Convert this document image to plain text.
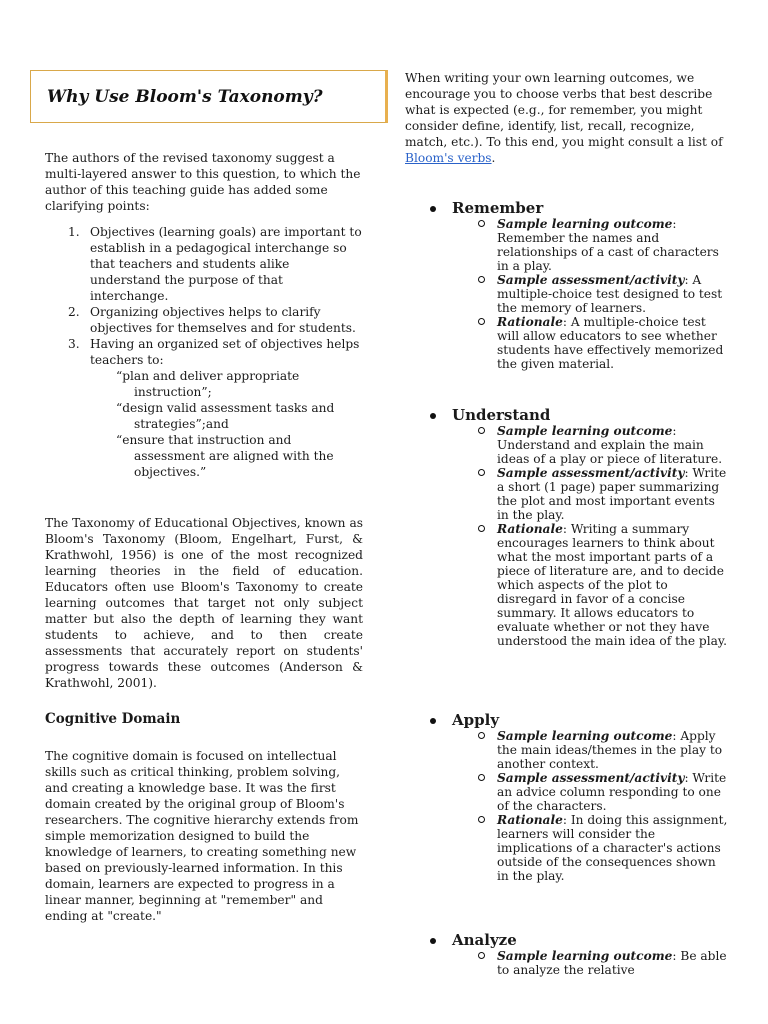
Why Use Bloom's Taxonomy?

The authors of the revised taxonomy suggest a multi-layered answer to this question, to which the author of this teaching guide has added some clarifying points:

1. Objectives (learning goals) are important to establish in a pedagogical interchange so that teachers and students alike understand the purpose of that interchange.
2. Organizing objectives helps to clarify objectives for themselves and for students.
3. Having an organized set of objectives helps teachers to:
“plan and deliver appropriate instruction”;
“design valid assessment tasks and strategies”;and
“ensure that instruction and assessment are aligned with the objectives.”

The Taxonomy of Educational Objectives, known as Bloom's Taxonomy (Bloom, Engelhart, Furst, & Krathwohl, 1956) is one of the most recognized learning theories in the field of education. Educators often use Bloom's Taxonomy to create learning outcomes that target not only subject matter but also the depth of learning they want students to achieve, and to then create assessments that accurately report on students' progress towards these outcomes (Anderson & Krathwohl, 2001).

Cognitive Domain

The cognitive domain is focused on intellectual skills such as critical thinking, problem solving, and creating a knowledge base. It was the first domain created by the original group of Bloom's researchers. The cognitive hierarchy extends from simple memorization designed to build the knowledge of learners, to creating something new based on previously-learned information. In this domain, learners are expected to progress in a linear manner, beginning at "remember" and ending at "create."

When writing your own learning outcomes, we encourage you to choose verbs that best describe what is expected (e.g., for remember, you might consider define, identify, list, recall, recognize, match, etc.). To this end, you might consult a list of Bloom's verbs.

Remember
Sample learning outcome: Remember the names and relationships of a cast of characters in a play.
Sample assessment/activity: A multiple-choice test designed to test the memory of learners.
Rationale: A multiple-choice test will allow educators to see whether students have effectively memorized the given material.
Understand
Sample learning outcome: Understand and explain the main ideas of a play or piece of literature.
Sample assessment/activity: Write a short (1 page) paper summarizing the plot and most important events in the play.
Rationale: Writing a summary encourages learners to think about what the most important parts of a piece of literature are, and to decide which aspects of the plot to disregard in favor of a concise summary. It allows educators to evaluate whether or not they have understood the main idea of the play.
Apply
Sample learning outcome: Apply the main ideas/themes in the play to another context.
Sample assessment/activity: Write an advice column responding to one of the characters.
Rationale: In doing this assignment, learners will consider the implications of a character's actions outside of the consequences shown in the play.
Analyze
Sample learning outcome: Be able to analyze the relative
